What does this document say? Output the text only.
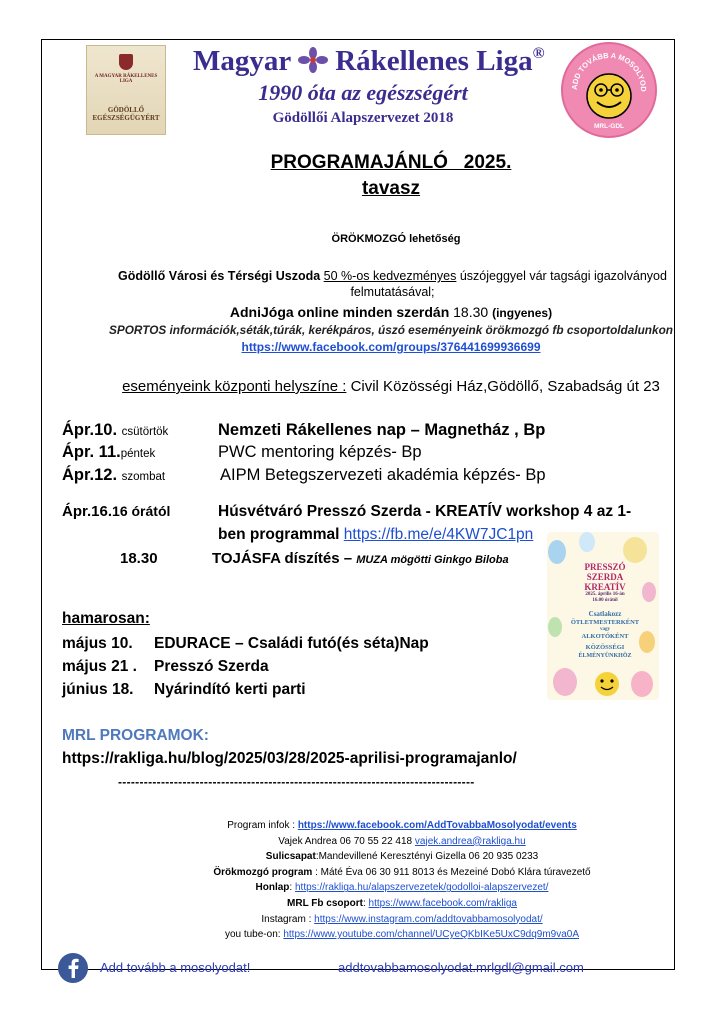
A MAGYAR RÁKELLENES LIGA
GÖDÖLLŐ EGÉSZSÉGÜGYÉRT
Magyar Rákellenes Liga®
1990 óta az egészségért
Gödöllői Alapszervezet 2018
ADD TOVÁBB A MOSOLYOD
MRL-GDL
PROGRAMAJÁNLÓ   2025.
tavasz
ÖRÖKMOZGÓ lehetőség
Gödöllő Városi és Térségi Uszoda 50 %-os kedvezményes úszójeggyel vár tagsági igazolványod
felmutatásával;
AdniJóga online minden szerdán 18.30 (ingyenes)
SPORTOS információk,séták,túrák, kerékpáros, úszó eseményeink örökmozgó fb csoportoldalunkon
https://www.facebook.com/groups/376441699936699
eseményeink központi helyszíne : Civil Közösségi Ház,Gödöllő, Szabadság út 23
Ápr.10. csütörtök	Nemzeti Rákellenes nap – Magnetház , Bp
Ápr. 11.péntek	PWC mentoring képzés- Bp
Ápr.12. szombat	AIPM Betegszervezeti akadémia képzés- Bp
Ápr.16.16 órától	Húsvétváró Presszó Szerda - KREATÍV workshop 4 az 1-
ben programmal https://fb.me/e/4KW7JC1pn
18.30	TOJÁSFA díszítés – MUZA mögötti Ginkgo Biloba
PRESSZÓ
SZERDA
KREATÍV
2025. április 16-án
16.00 órától
Csatlakozz
ÖTLETMESTERKÉNT
vagy
ALKOTÓKÉNT
KÖZÖSSÉGI
ÉLMÉNYÜNKHÖZ
hamarosan:
május 10. EDURACE – Családi futó(és séta)Nap
május 21 . Presszó Szerda
június 18. Nyárindító kerti parti
MRL PROGRAMOK:
https://rakliga.hu/blog/2025/03/28/2025-aprilisi-programajanlo/
-----------------------------------------------------------------------------------
Program infok : https://www.facebook.com/AddTovabbaMosolyodat/events
Vajek Andrea 06 70 55 22 418 vajek.andrea@rakliga.hu
Sulicsapat:Mandevillené Keresztényi Gizella 06 20 935 0233
Örökmozgó program : Máté Éva 06 30 911 8013 és Mezeiné Dobó Klára túravezető
Honlap: https://rakliga.hu/alapszervezetek/godolloi-alapszervezet/
MRL Fb csoport: https://www.facebook.com/rakliga
Instagram : https://www.instagram.com/addtovabbamosolyodat/
you tube-on: https://www.youtube.com/channel/UCyeQKbIKe5UxC9dq9m9va0A
Add tovább a mosolyodat!	addtovabbamosolyodat.mrlgdl@gmail.com
